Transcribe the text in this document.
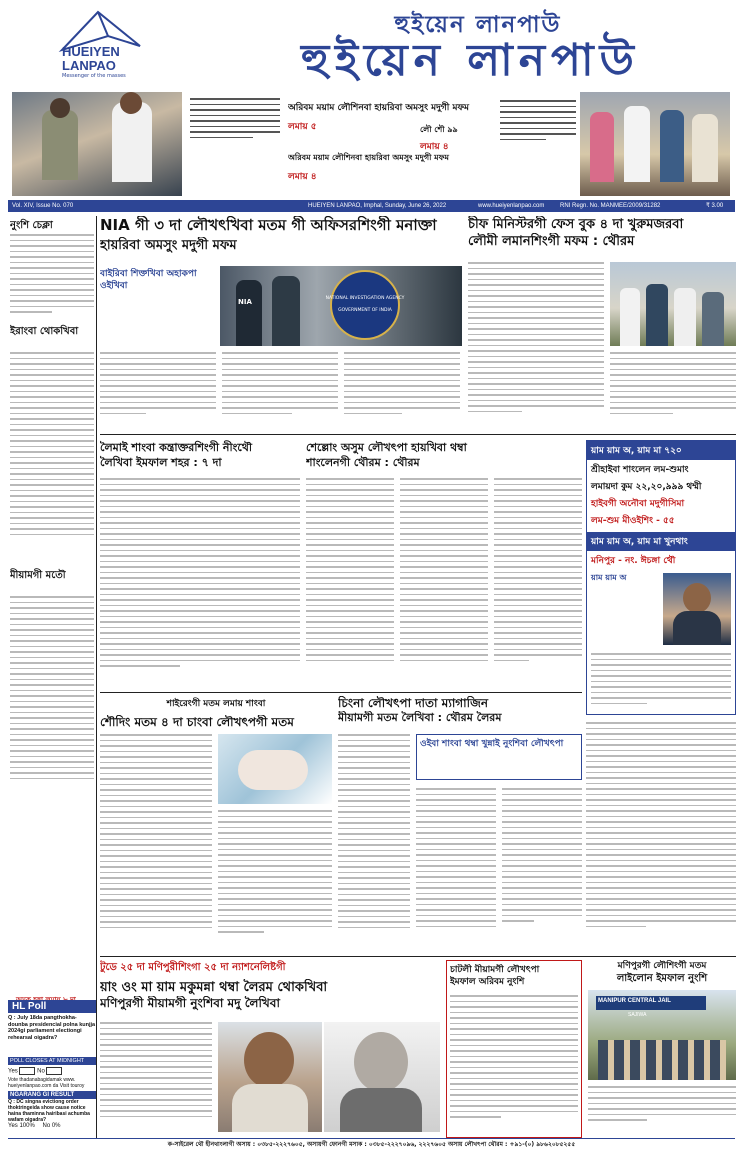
HUEIYEN
LANPAO
Messenger of the masses
হুইয়েন লানপাউ
হুইয়েন লানপাউ
অরিবম ময়াম লৌশিনবা হায়রিবা অমসুং মদুগী মফম
লমায় ৫
অরিবম ময়াম লৌশিনবা হায়রিবা অমসুং মদুগী মফম
লমায় ৪
লৌ শৌ ৯৯
লমায় ৪
Vol. XIV, Issue No. 070	HUEIYEN LANPAO, Imphal, Sunday, June 26, 2022	www.hueiyenlanpao.com	RNI Regn. No. MANMEE/2009/31282	₹ 3.00
নুংশি চেক্লা
ইরাংবা থোকখিবা
মীয়ামগী মতৌ
HL Poll
Q : July 18da pangthokha-dounba presidencial polna kunjja 2024gi parliament electiongi rehearsal oigadra?
POLL CLOSES AT MIDNIGHT
Yes	No
Vote thadanabagidamak www. hueiyenlanpao.com da Visit touroy
NGARANG GI RESULT
Q : DC singna evictiong order thoktringeida show cause notice haina thaminna hairibasi achumba wafam oigadra?
Yes 100% No 0%
NIA গী ৩ দা লৌখৎখিবা মতম গী অফিসরশিংগী মনাক্তা
হায়রিবা অমসুং মদুগী মফম
বাইরিবা শিক্তখিবা অহাকপা ওইখিবা
NIA	NATIONAL INVESTIGATION AGENCY
GOVERNMENT OF INDIA
চীফ মিনিস্টরগী ফেস বুক ৪ দা খুরুমজরবা
লৌমী লমানশিংগী মফম : থৌরম
লৈমাই শাংবা কন্ত্রাক্তরশিংগী নীংথৌ
লৈখিবা ইমফাল শহর : ৭ দা
শেল্লোং অসুম লৌখৎপা হায়খিবা থম্বা
শাংলেনগী থৌরম : থৌরম
য়াম য়াম অ, য়াম মা ৭২০
শ্রীহাইবা শাংলেন লম-শুমাং
লমায়দা কুম ২২,২০,৯৯৯ থম্মী
হাইবগী অনৌবা মদুগীসিমা
লম-শুম মীওইশিং - ৫৫
য়াম য়াম অ, য়াম মা খুনথাং
মনিপুর - নং. ঈচঙ্গা থৌ
য়াম য়াম অ
শাইরেংগী মতম লমায় শাংবা
শৌদিং মতম ৪ দা চাংবা লৌখৎপগী মতম
চিংনা লৌখৎপা দাতা ম্যাগাজিন
মীয়ামগী মতম লৈখিবা : থৌরম লৈরম
ওইবা শাংবা থম্বা খুন্নাই নুংশিবা লৌখৎপা
টুডে ২৫ দা মণিপুরীশিংগা ২৫ দা ন্যাশনেলিষ্টগী
য়াং ওং মা য়াম মকুমন্না থম্বা লৈরম থোকখিবা
মণিপুরগী মীয়ামগী নুংশিবা মদু লৈখিবা
চাটলী মীয়ামগী লৌখৎপা
ইমফাল অরিবম নুংশি
মণিপুরগী লৌশিংগী মতম
লাইলোন ইমফাল নুংশি
MANIPUR CENTRAL JAIL
SAJIWA
ক-সাইরেল থৌ হীনথাংলাগী অসায় : ০৩৮৫-২২২৭৬০৫, অসায়গী ফোনগী মসাক : ০৩৮৫-২২২৭০৯৬, ২২২৭৬০৫ অসায় লৌখৎপা থৌরম : +৯১-(০) ৯৮৬২০৮৫২৫৫
